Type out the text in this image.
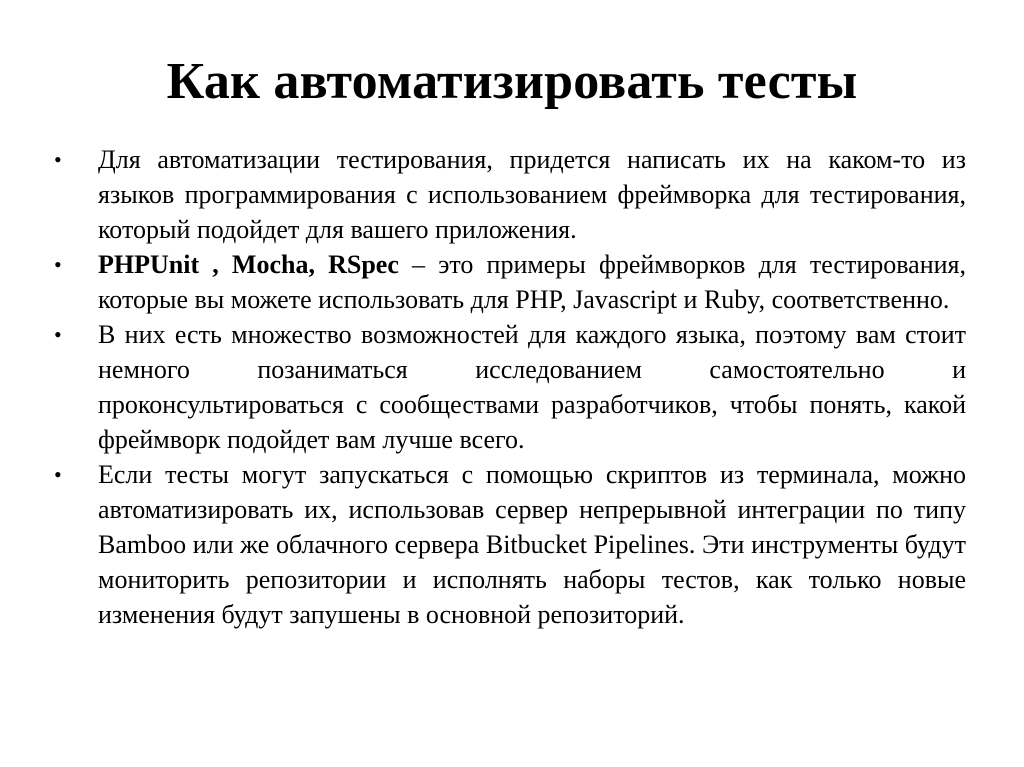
Как автоматизировать тесты
• Для автоматизации тестирования, придется написать их на каком-то из языков программирования с использованием фреймворка для тестирования, который подойдет для вашего приложения.
• PHPUnit , Mocha, RSpec – это примеры фреймворков для тестирования, которые вы можете использовать для PHP, Javascript и Ruby, соответственно.
• В них есть множество возможностей для каждого языка, поэтому вам стоит немного позаниматься исследованием самостоятельно и проконсультироваться с сообществами разработчиков, чтобы понять, какой фреймворк подойдет вам лучше всего.
• Если тесты могут запускаться с помощью скриптов из терминала, можно автоматизировать их, использовав сервер непрерывной интеграции по типу Bamboo или же облачного сервера Bitbucket Pipelines. Эти инструменты будут мониторить репозитории и исполнять наборы тестов, как только новые изменения будут запушены в основной репозиторий.
